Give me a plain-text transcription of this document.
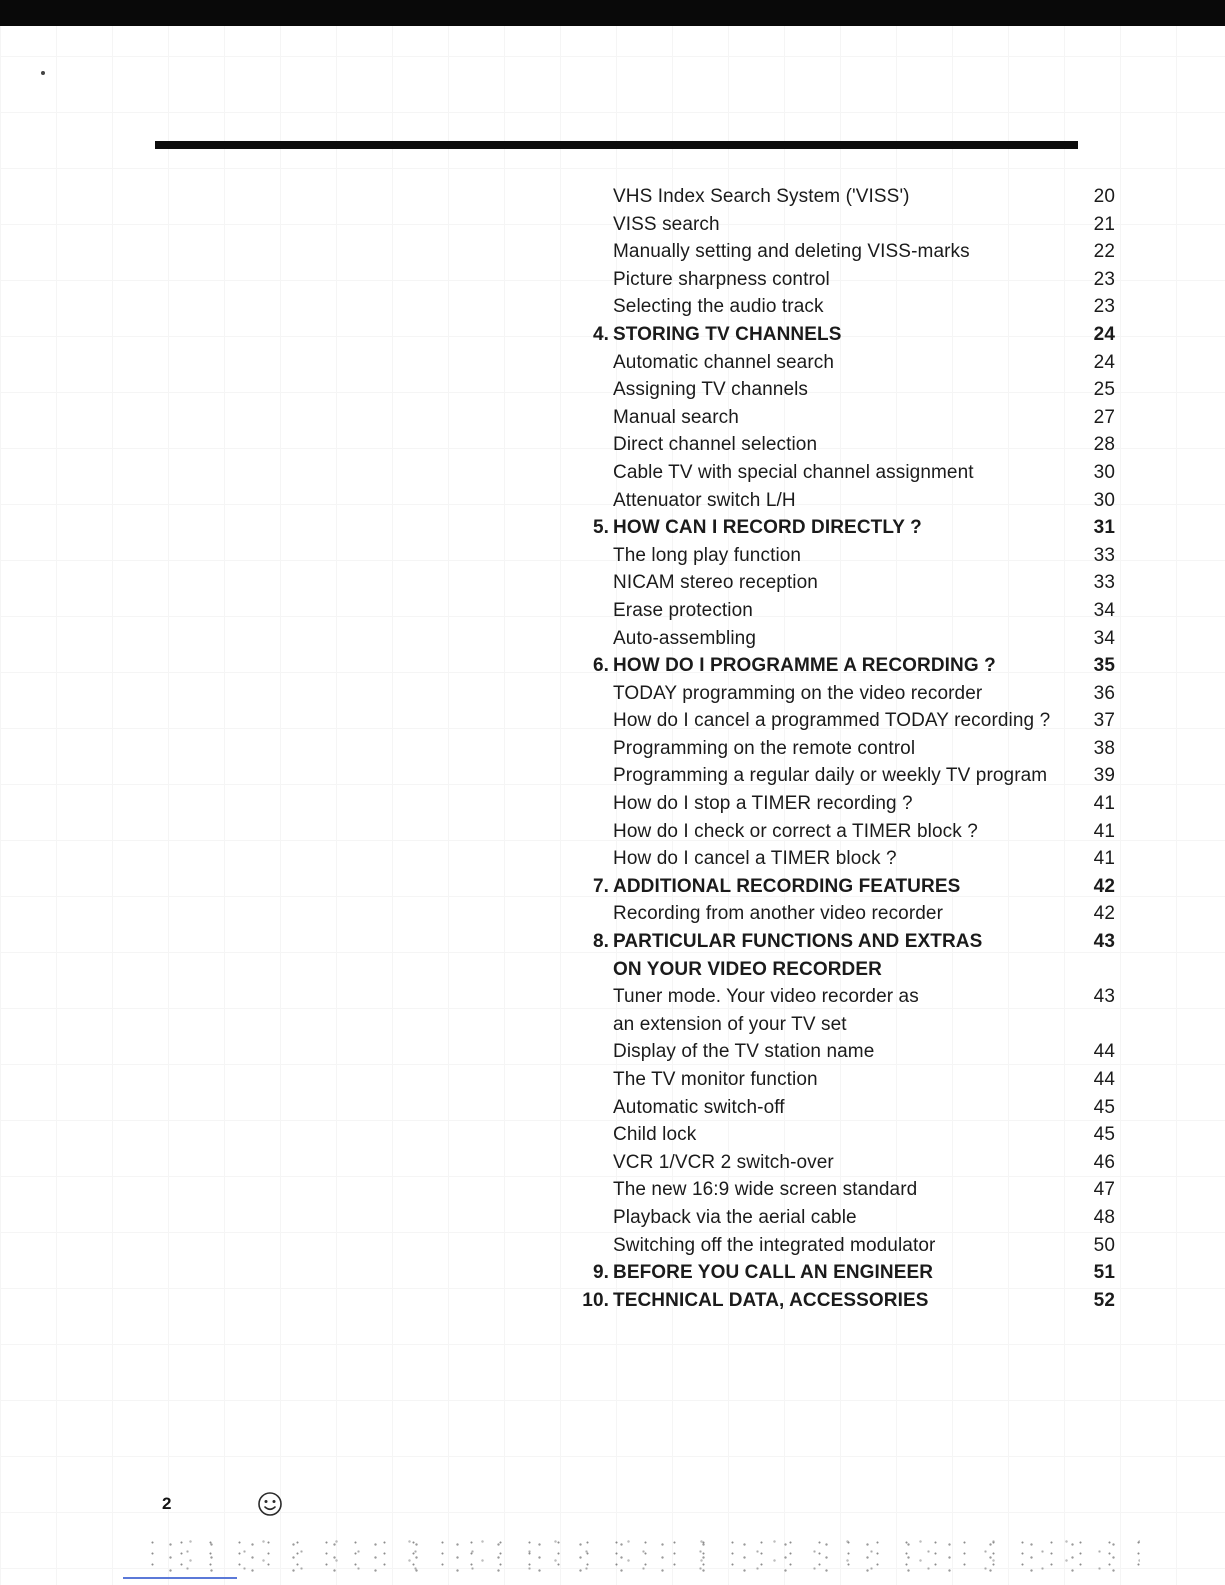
VHS Index Search System ('VISS')	20
VISS search	21
Manually setting and deleting VISS-marks	22
Picture sharpness control	23
Selecting the audio track	23
4. STORING TV CHANNELS	24
Automatic channel search	24
Assigning TV channels	25
Manual search	27
Direct channel selection	28
Cable TV with special channel assignment	30
Attenuator switch L/H	30
5. HOW CAN I RECORD DIRECTLY ?	31
The long play function	33
NICAM stereo reception	33
Erase protection	34
Auto-assembling	34
6. HOW DO I PROGRAMME A RECORDING ?	35
TODAY programming on the video recorder	36
How do I cancel a programmed TODAY recording ?	37
Programming on the remote control	38
Programming a regular daily or weekly TV program	39
How do I stop a TIMER recording ?	41
How do I check or correct a TIMER block ?	41
How do I cancel a TIMER block ?	41
7. ADDITIONAL RECORDING FEATURES	42
Recording from another video recorder	42
8. PARTICULAR FUNCTIONS AND EXTRAS	43
ON YOUR VIDEO RECORDER
Tuner mode. Your video recorder as	43
an extension of your TV set
Display of the TV station name	44
The TV monitor function	44
Automatic switch-off	45
Child lock	45
VCR 1/VCR 2 switch-over	46
The new 16:9 wide screen standard	47
Playback via the aerial cable	48
Switching off the integrated modulator	50
9. BEFORE YOU CALL AN ENGINEER	51
10. TECHNICAL DATA, ACCESSORIES	52
2
